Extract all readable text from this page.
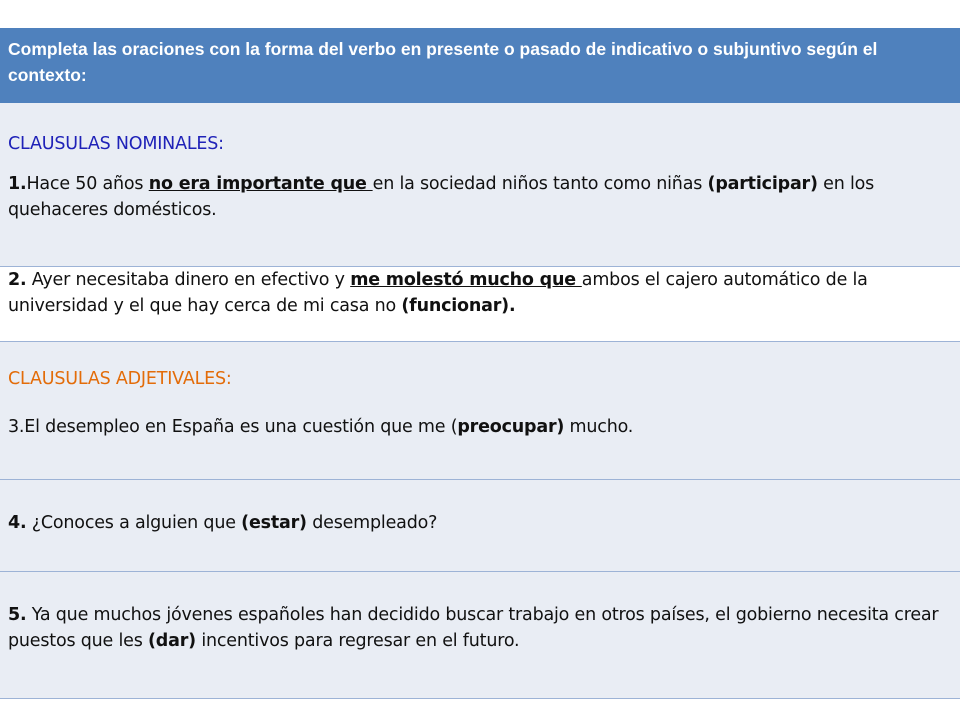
Completa las oraciones con la forma del verbo en presente o pasado de indicativo o subjuntivo según el contexto:
CLAUSULAS NOMINALES:
1.Hace 50 años no era importante que en la sociedad niños tanto como niñas (participar) en los quehaceres domésticos.
2. Ayer necesitaba dinero en efectivo y me molestó mucho que ambos el cajero automático de la universidad y el que hay cerca de mi casa no (funcionar).
CLAUSULAS ADJETIVALES:
3.El desempleo en España es una cuestión que me (preocupar) mucho.
4. ¿Conoces a alguien que (estar) desempleado?
5. Ya que muchos jóvenes españoles han decidido buscar trabajo en otros países, el gobierno necesita crear puestos que les (dar) incentivos para regresar en el futuro.
